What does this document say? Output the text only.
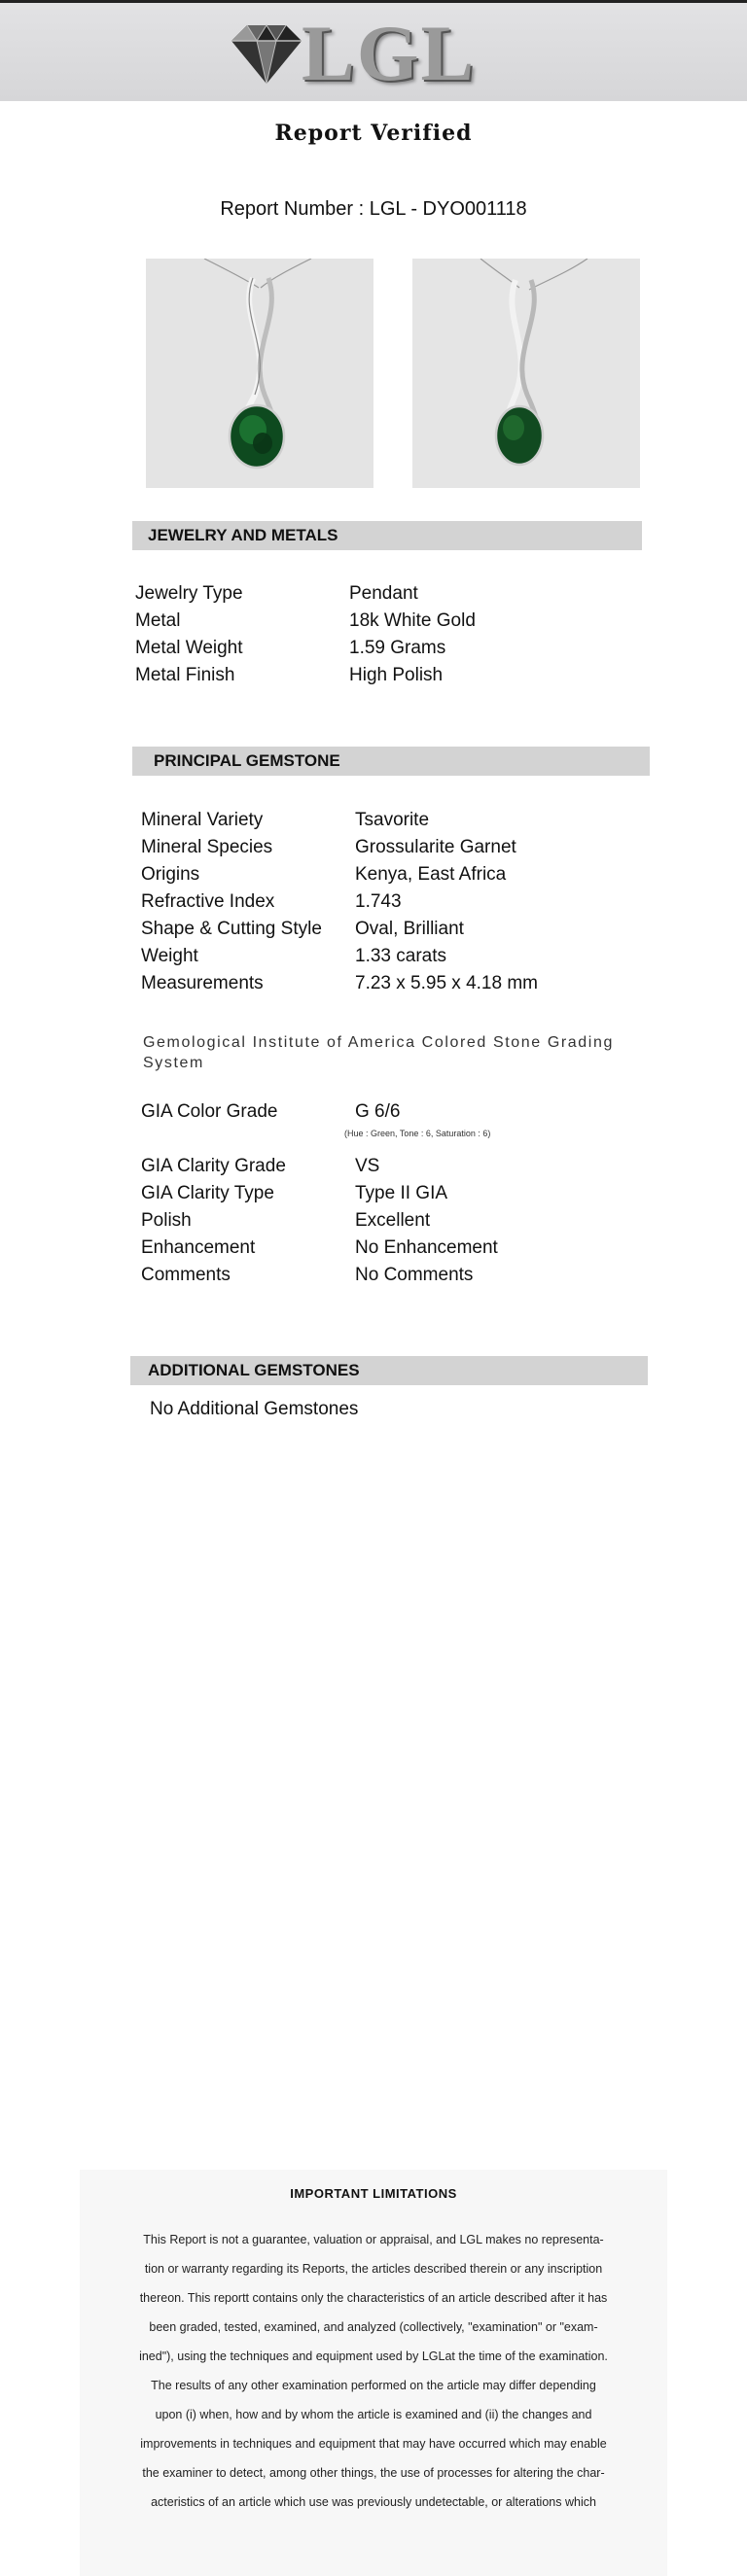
LGL
Report Verified
Report Number : LGL - DYO001118
JEWELRY AND METALS
Jewelry Type	Pendant
Metal	18k White Gold
Metal Weight	1.59 Grams
Metal Finish	High Polish
PRINCIPAL GEMSTONE
Mineral Variety	Tsavorite
Mineral Species	Grossularite Garnet
Origins	Kenya, East Africa
Refractive Index	1.743
Shape & Cutting Style	Oval, Brilliant
Weight	1.33 carats
Measurements	7.23 x 5.95 x 4.18 mm
Gemological Institute of America Colored Stone Grading System
GIA Color Grade	G 6/6
(Hue : Green, Tone : 6, Saturation : 6)
GIA Clarity Grade	VS
GIA Clarity Type	Type II GIA
Polish	Excellent
Enhancement	No Enhancement
Comments	No Comments
ADDITIONAL GEMSTONES
No Additional Gemstones
IMPORTANT LIMITATIONS
This Report is not a guarantee, valuation or appraisal, and LGL makes no representa-
tion or warranty regarding its Reports, the articles described therein or any inscription
thereon. This reportt contains only the characteristics of an article described after it has
been graded, tested, examined, and analyzed (collectively, "examination" or "exam-
ined"), using the techniques and equipment used by LGLat the time of the examination.
The results of any other examination performed on the article may differ depending
upon (i) when, how and by whom the article is examined and (ii) the changes and
improvements in techniques and equipment that may have occurred which may enable
the examiner to detect, among other things, the use of processes for altering the char-
acteristics of an article which use was previously undetectable, or alterations which
